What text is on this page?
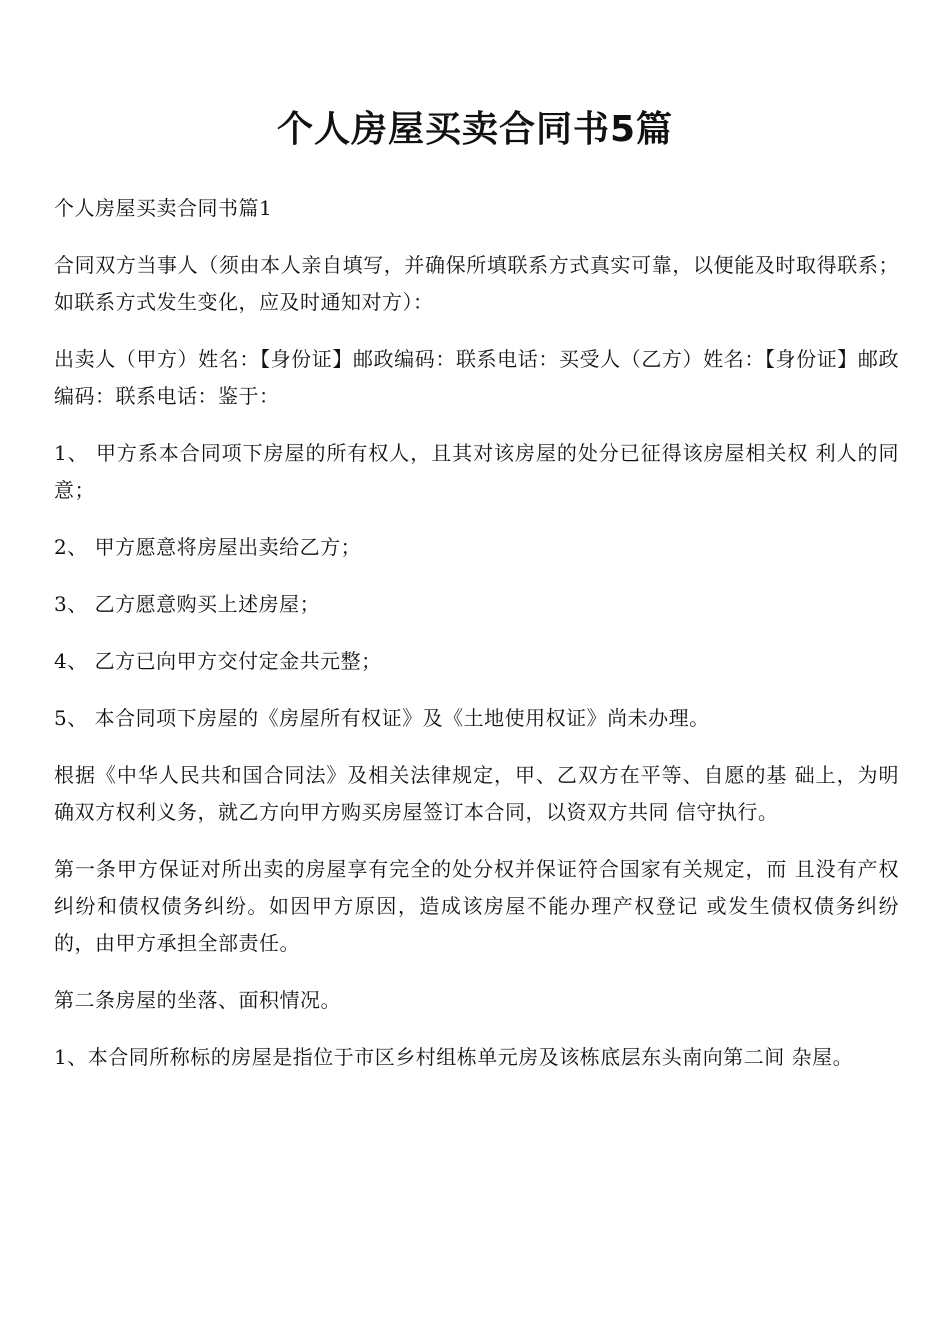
个人房屋买卖合同书5篇

个人房屋买卖合同书篇1

合同双方当事人（须由本人亲自填写，并确保所填联系方式真实可靠，以便能及时取得联系；如联系方式发生变化，应及时通知对方）：

出卖人（甲方）姓名：【身份证】邮政编码：联系电话：买受人（乙方）姓名：【身份证】邮政编码：联系电话：鉴于：

1、 甲方系本合同项下房屋的所有权人，且其对该房屋的处分已征得该房屋相关权 利人的同意；

2、 甲方愿意将房屋出卖给乙方；

3、 乙方愿意购买上述房屋；

4、 乙方已向甲方交付定金共元整；

5、 本合同项下房屋的《房屋所有权证》及《土地使用权证》尚未办理。

根据《中华人民共和国合同法》及相关法律规定，甲、乙双方在平等、自愿的基 础上，为明确双方权利义务，就乙方向甲方购买房屋签订本合同，以资双方共同 信守执行。

第一条甲方保证对所出卖的房屋享有完全的处分权并保证符合国家有关规定，而 且没有产权纠纷和债权债务纠纷。如因甲方原因，造成该房屋不能办理产权登记 或发生债权债务纠纷的，由甲方承担全部责任。

第二条房屋的坐落、面积情况。

1、本合同所称标的房屋是指位于市区乡村组栋单元房及该栋底层东头南向第二间 杂屋。
